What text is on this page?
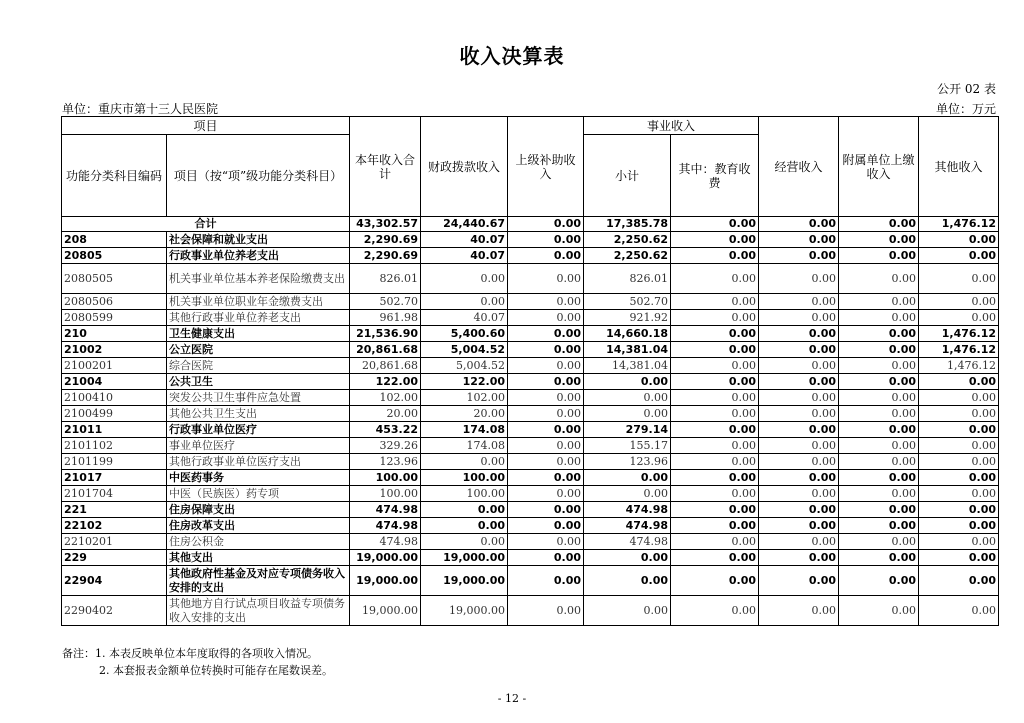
收入决算表
公开 02 表
单位：重庆市第十三人民医院	单位：万元
项目		本年收入合计	财政拨款收入	上级补助收入	事业收入		经营收入	附属单位上缴收入	其他收入
功能分类科目编码	项目（按“项”级功能分类科目）				小计	其中：教育收费			

合计		43,302.57	24,440.67	0.00	17,385.78	0.00	0.00	0.00	1,476.12
208	社会保障和就业支出	2,290.69	40.07	0.00	2,250.62	0.00	0.00	0.00	0.00
20805	行政事业单位养老支出	2,290.69	40.07	0.00	2,250.62	0.00	0.00	0.00	0.00
2080505	机关事业单位基本养老保险缴费支出	826.01	0.00	0.00	826.01	0.00	0.00	0.00	0.00
2080506	机关事业单位职业年金缴费支出	502.70	0.00	0.00	502.70	0.00	0.00	0.00	0.00
2080599	其他行政事业单位养老支出	961.98	40.07	0.00	921.92	0.00	0.00	0.00	0.00
210	卫生健康支出	21,536.90	5,400.60	0.00	14,660.18	0.00	0.00	0.00	1,476.12
21002	公立医院	20,861.68	5,004.52	0.00	14,381.04	0.00	0.00	0.00	1,476.12
2100201	综合医院	20,861.68	5,004.52	0.00	14,381.04	0.00	0.00	0.00	1,476.12
21004	公共卫生	122.00	122.00	0.00	0.00	0.00	0.00	0.00	0.00
2100410	突发公共卫生事件应急处置	102.00	102.00	0.00	0.00	0.00	0.00	0.00	0.00
2100499	其他公共卫生支出	20.00	20.00	0.00	0.00	0.00	0.00	0.00	0.00
21011	行政事业单位医疗	453.22	174.08	0.00	279.14	0.00	0.00	0.00	0.00
2101102	事业单位医疗	329.26	174.08	0.00	155.17	0.00	0.00	0.00	0.00
2101199	其他行政事业单位医疗支出	123.96	0.00	0.00	123.96	0.00	0.00	0.00	0.00
21017	中医药事务	100.00	100.00	0.00	0.00	0.00	0.00	0.00	0.00
2101704	中医（民族医）药专项	100.00	100.00	0.00	0.00	0.00	0.00	0.00	0.00
221	住房保障支出	474.98	0.00	0.00	474.98	0.00	0.00	0.00	0.00
22102	住房改革支出	474.98	0.00	0.00	474.98	0.00	0.00	0.00	0.00
2210201	住房公积金	474.98	0.00	0.00	474.98	0.00	0.00	0.00	0.00
229	其他支出	19,000.00	19,000.00	0.00	0.00	0.00	0.00	0.00	0.00
22904	其他政府性基金及对应专项债务收入安排的支出	19,000.00	19,000.00	0.00	0.00	0.00	0.00	0.00	0.00
2290402	其他地方自行试点项目收益专项债务收入安排的支出	19,000.00	19,000.00	0.00	0.00	0.00	0.00	0.00	0.00
备注：1. 本表反映单位本年度取得的各项收入情况。
2. 本套报表金额单位转换时可能存在尾数误差。
- 12 -
